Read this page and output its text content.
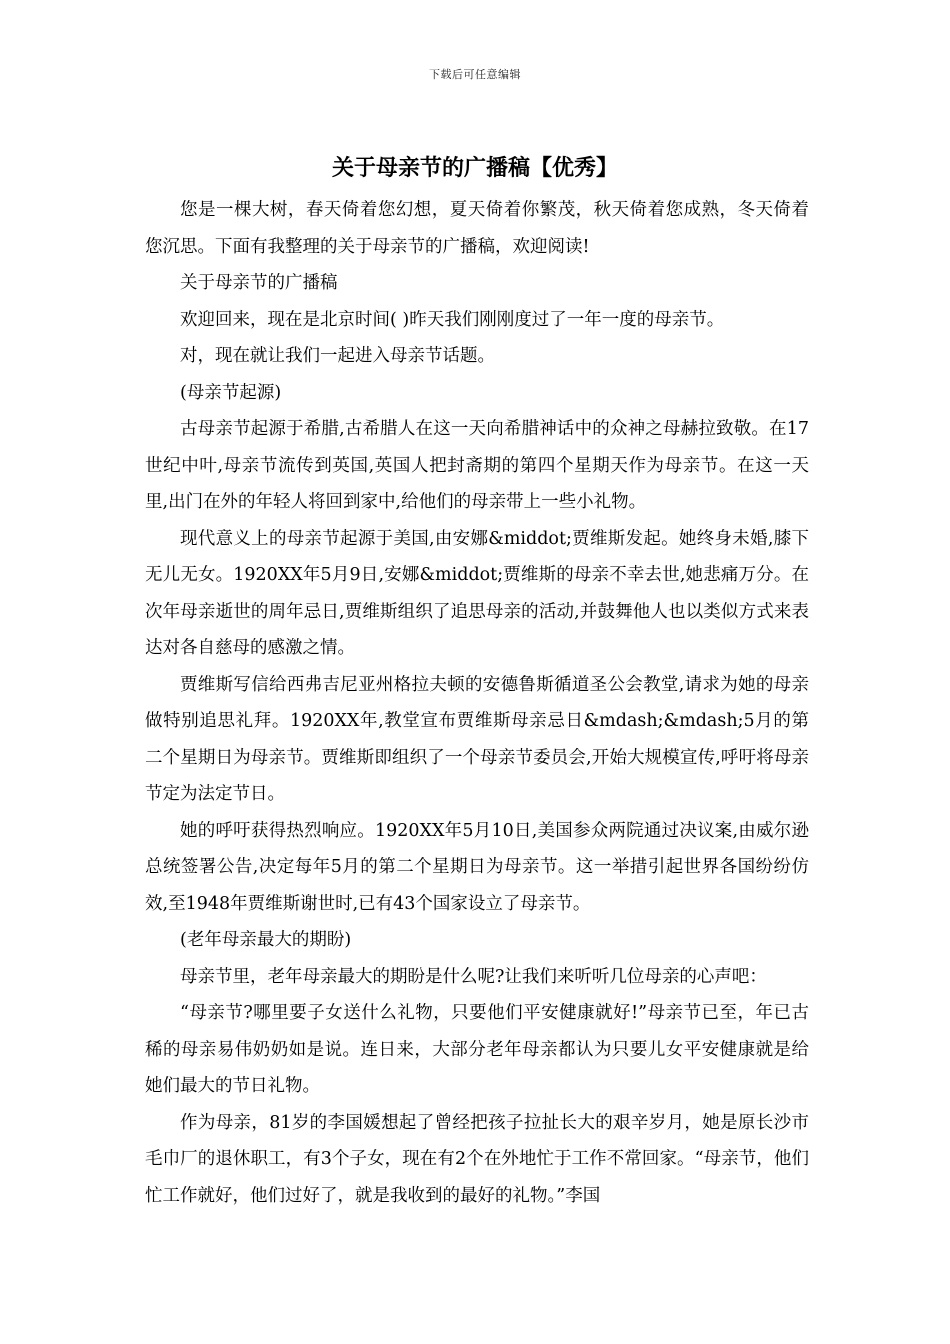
下载后可任意编辑
关于母亲节的广播稿【优秀】

您是一棵大树，春天倚着您幻想，夏天倚着你繁茂，秋天倚着您成熟，冬天倚着您沉思。下面有我整理的关于母亲节的广播稿，欢迎阅读!

关于母亲节的广播稿

欢迎回来，现在是北京时间( )昨天我们刚刚度过了一年一度的母亲节。

对，现在就让我们一起进入母亲节话题。

(母亲节起源)

古母亲节起源于希腊,古希腊人在这一天向希腊神话中的众神之母赫拉致敬。在17世纪中叶,母亲节流传到英国,英国人把封斋期的第四个星期天作为母亲节。在这一天里,出门在外的年轻人将回到家中,给他们的母亲带上一些小礼物。

现代意义上的母亲节起源于美国,由安娜&middot;贾维斯发起。她终身未婚,膝下无儿无女。1920XX年5月9日,安娜&middot;贾维斯的母亲不幸去世,她悲痛万分。在次年母亲逝世的周年忌日,贾维斯组织了追思母亲的活动,并鼓舞他人也以类似方式来表达对各自慈母的感激之情。

贾维斯写信给西弗吉尼亚州格拉夫顿的安德鲁斯循道圣公会教堂,请求为她的母亲做特别追思礼拜。1920XX年,教堂宣布贾维斯母亲忌日&mdash;&mdash;5月的第二个星期日为母亲节。贾维斯即组织了一个母亲节委员会,开始大规模宣传,呼吁将母亲节定为法定节日。

她的呼吁获得热烈响应。1920XX年5月10日,美国参众两院通过决议案,由威尔逊总统签署公告,决定每年5月的第二个星期日为母亲节。这一举措引起世界各国纷纷仿效,至1948年贾维斯谢世时,已有43个国家设立了母亲节。

(老年母亲最大的期盼)

母亲节里，老年母亲最大的期盼是什么呢?让我们来听听几位母亲的心声吧：

“母亲节?哪里要子女送什么礼物，只要他们平安健康就好!”母亲节已至，年已古稀的母亲易伟奶奶如是说。连日来，大部分老年母亲都认为只要儿女平安健康就是给她们最大的节日礼物。

作为母亲，81岁的李国媛想起了曾经把孩子拉扯长大的艰辛岁月，她是原长沙市毛巾厂的退休职工，有3个子女，现在有2个在外地忙于工作不常回家。“母亲节，他们忙工作就好，他们过好了，就是我收到的最好的礼物。”李国
